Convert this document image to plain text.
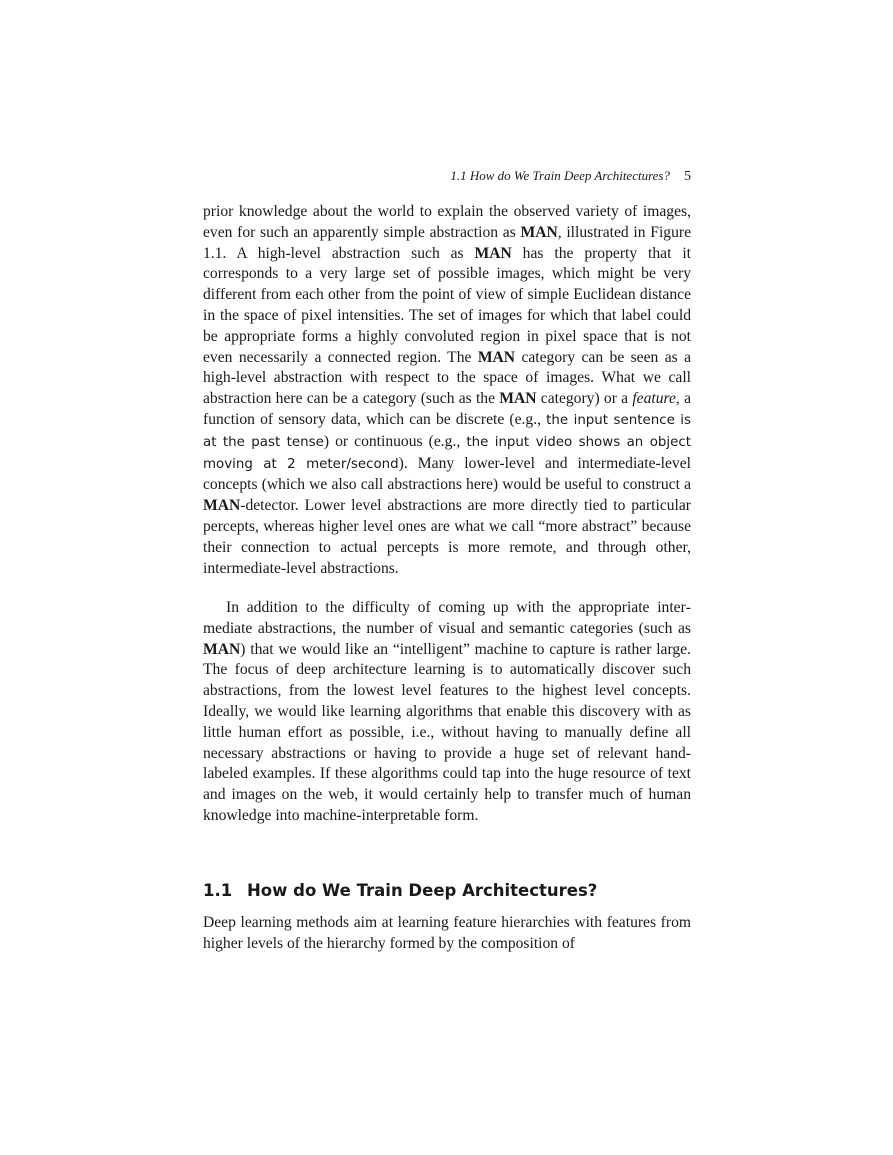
1.1 How do We Train Deep Architectures? 5

prior knowledge about the world to explain the observed variety of images, even for such an apparently simple abstraction as MAN, illustrated in Figure 1.1. A high-level abstraction such as MAN has the property that it corresponds to a very large set of possible images, which might be very different from each other from the point of view of simple Euclidean distance in the space of pixel intensities. The set of images for which that label could be appropriate forms a highly convoluted region in pixel space that is not even necessarily a connected region. The MAN category can be seen as a high-level abstraction with respect to the space of images. What we call abstraction here can be a category (such as the MAN category) or a feature, a function of sensory data, which can be discrete (e.g., the input sentence is at the past tense) or continuous (e.g., the input video shows an object moving at 2 meter/second). Many lower-level and intermediate-level concepts (which we also call abstractions here) would be useful to construct a MAN-detector. Lower level abstractions are more directly tied to particular percepts, whereas higher level ones are what we call “more abstract” because their connection to actual percepts is more remote, and through other, intermediate-level abstractions.

In addition to the difficulty of coming up with the appropriate intermediate abstractions, the number of visual and semantic categories (such as MAN) that we would like an “intelligent” machine to capture is rather large. The focus of deep architecture learning is to automatically discover such abstractions, from the lowest level features to the highest level concepts. Ideally, we would like learning algorithms that enable this discovery with as little human effort as possible, i.e., without having to manually define all necessary abstractions or having to provide a huge set of relevant hand-labeled examples. If these algorithms could tap into the huge resource of text and images on the web, it would certainly help to transfer much of human knowledge into machine-interpretable form.

1.1 How do We Train Deep Architectures?

Deep learning methods aim at learning feature hierarchies with features from higher levels of the hierarchy formed by the composition of
